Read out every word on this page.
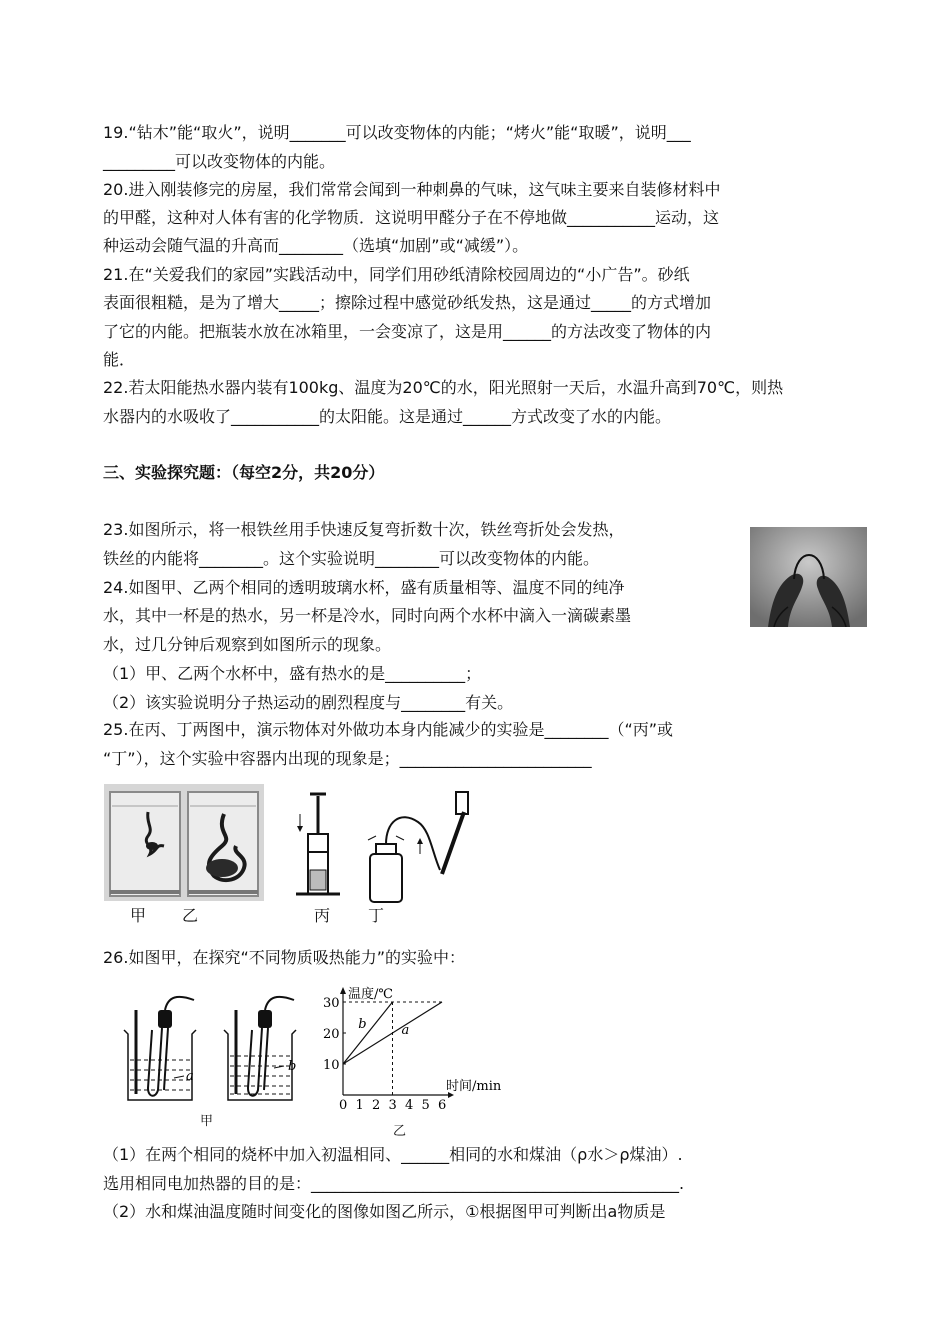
19.“钻木”能“取火”，说明_______可以改变物体的内能；“烤火”能“取暖”，说明___
_________可以改变物体的内能。
20.进入刚装修完的房屋，我们常常会闻到一种刺鼻的气味，这气味主要来自装修材料中
的甲醛，这种对人体有害的化学物质．这说明甲醛分子在不停地做___________运动，这
种运动会随气温的升高而________（选填“加剧”或“减缓”）。
21.在“关爱我们的家园”实践活动中，同学们用砂纸清除校园周边的“小广告”。砂纸
表面很粗糙，是为了增大_____；擦除过程中感觉砂纸发热，这是通过_____的方式增加
了它的内能。把瓶装水放在冰箱里，一会变凉了，这是用______的方法改变了物体的内
能．
22.若太阳能热水器内装有100kg、温度为20℃的水，阳光照射一天后，水温升高到70℃，则热
水器内的水吸收了___________的太阳能。这是通过______方式改变了水的内能。
三、实验探究题：（每空2分，共20分）
23.如图所示，将一根铁丝用手快速反复弯折数十次，铁丝弯折处会发热，
铁丝的内能将________。这个实验说明________可以改变物体的内能。
24.如图甲、乙两个相同的透明玻璃水杯，盛有质量相等、温度不同的纯净
水，其中一杯是的热水，另一杯是冷水，同时向两个水杯中滴入一滴碳素墨
水，过几分钟后观察到如图所示的现象。
（1）甲、乙两个水杯中，盛有热水的是__________；
（2）该实验说明分子热运动的剧烈程度与________有关。
25.在丙、丁两图中，演示物体对外做功本身内能减少的实验是________（“丙”或
“丁”），这个实验中容器内出现的现象是；________________________
26.如图甲，在探究“不同物质吸热能力”的实验中：
（1）在两个相同的烧杯中加入初温相同、______相同的水和煤油（ρ水＞ρ煤油）.
选用相同电加热器的目的是：______________________________________________.
（2）水和煤油温度随时间变化的图像如图乙所示，①根据图甲可判断出a物质是
甲 乙	丙 丁
a
b
甲
温度/℃
时间/min
b	a
0 1 2 3 4 5 6
10
20
30
乙
